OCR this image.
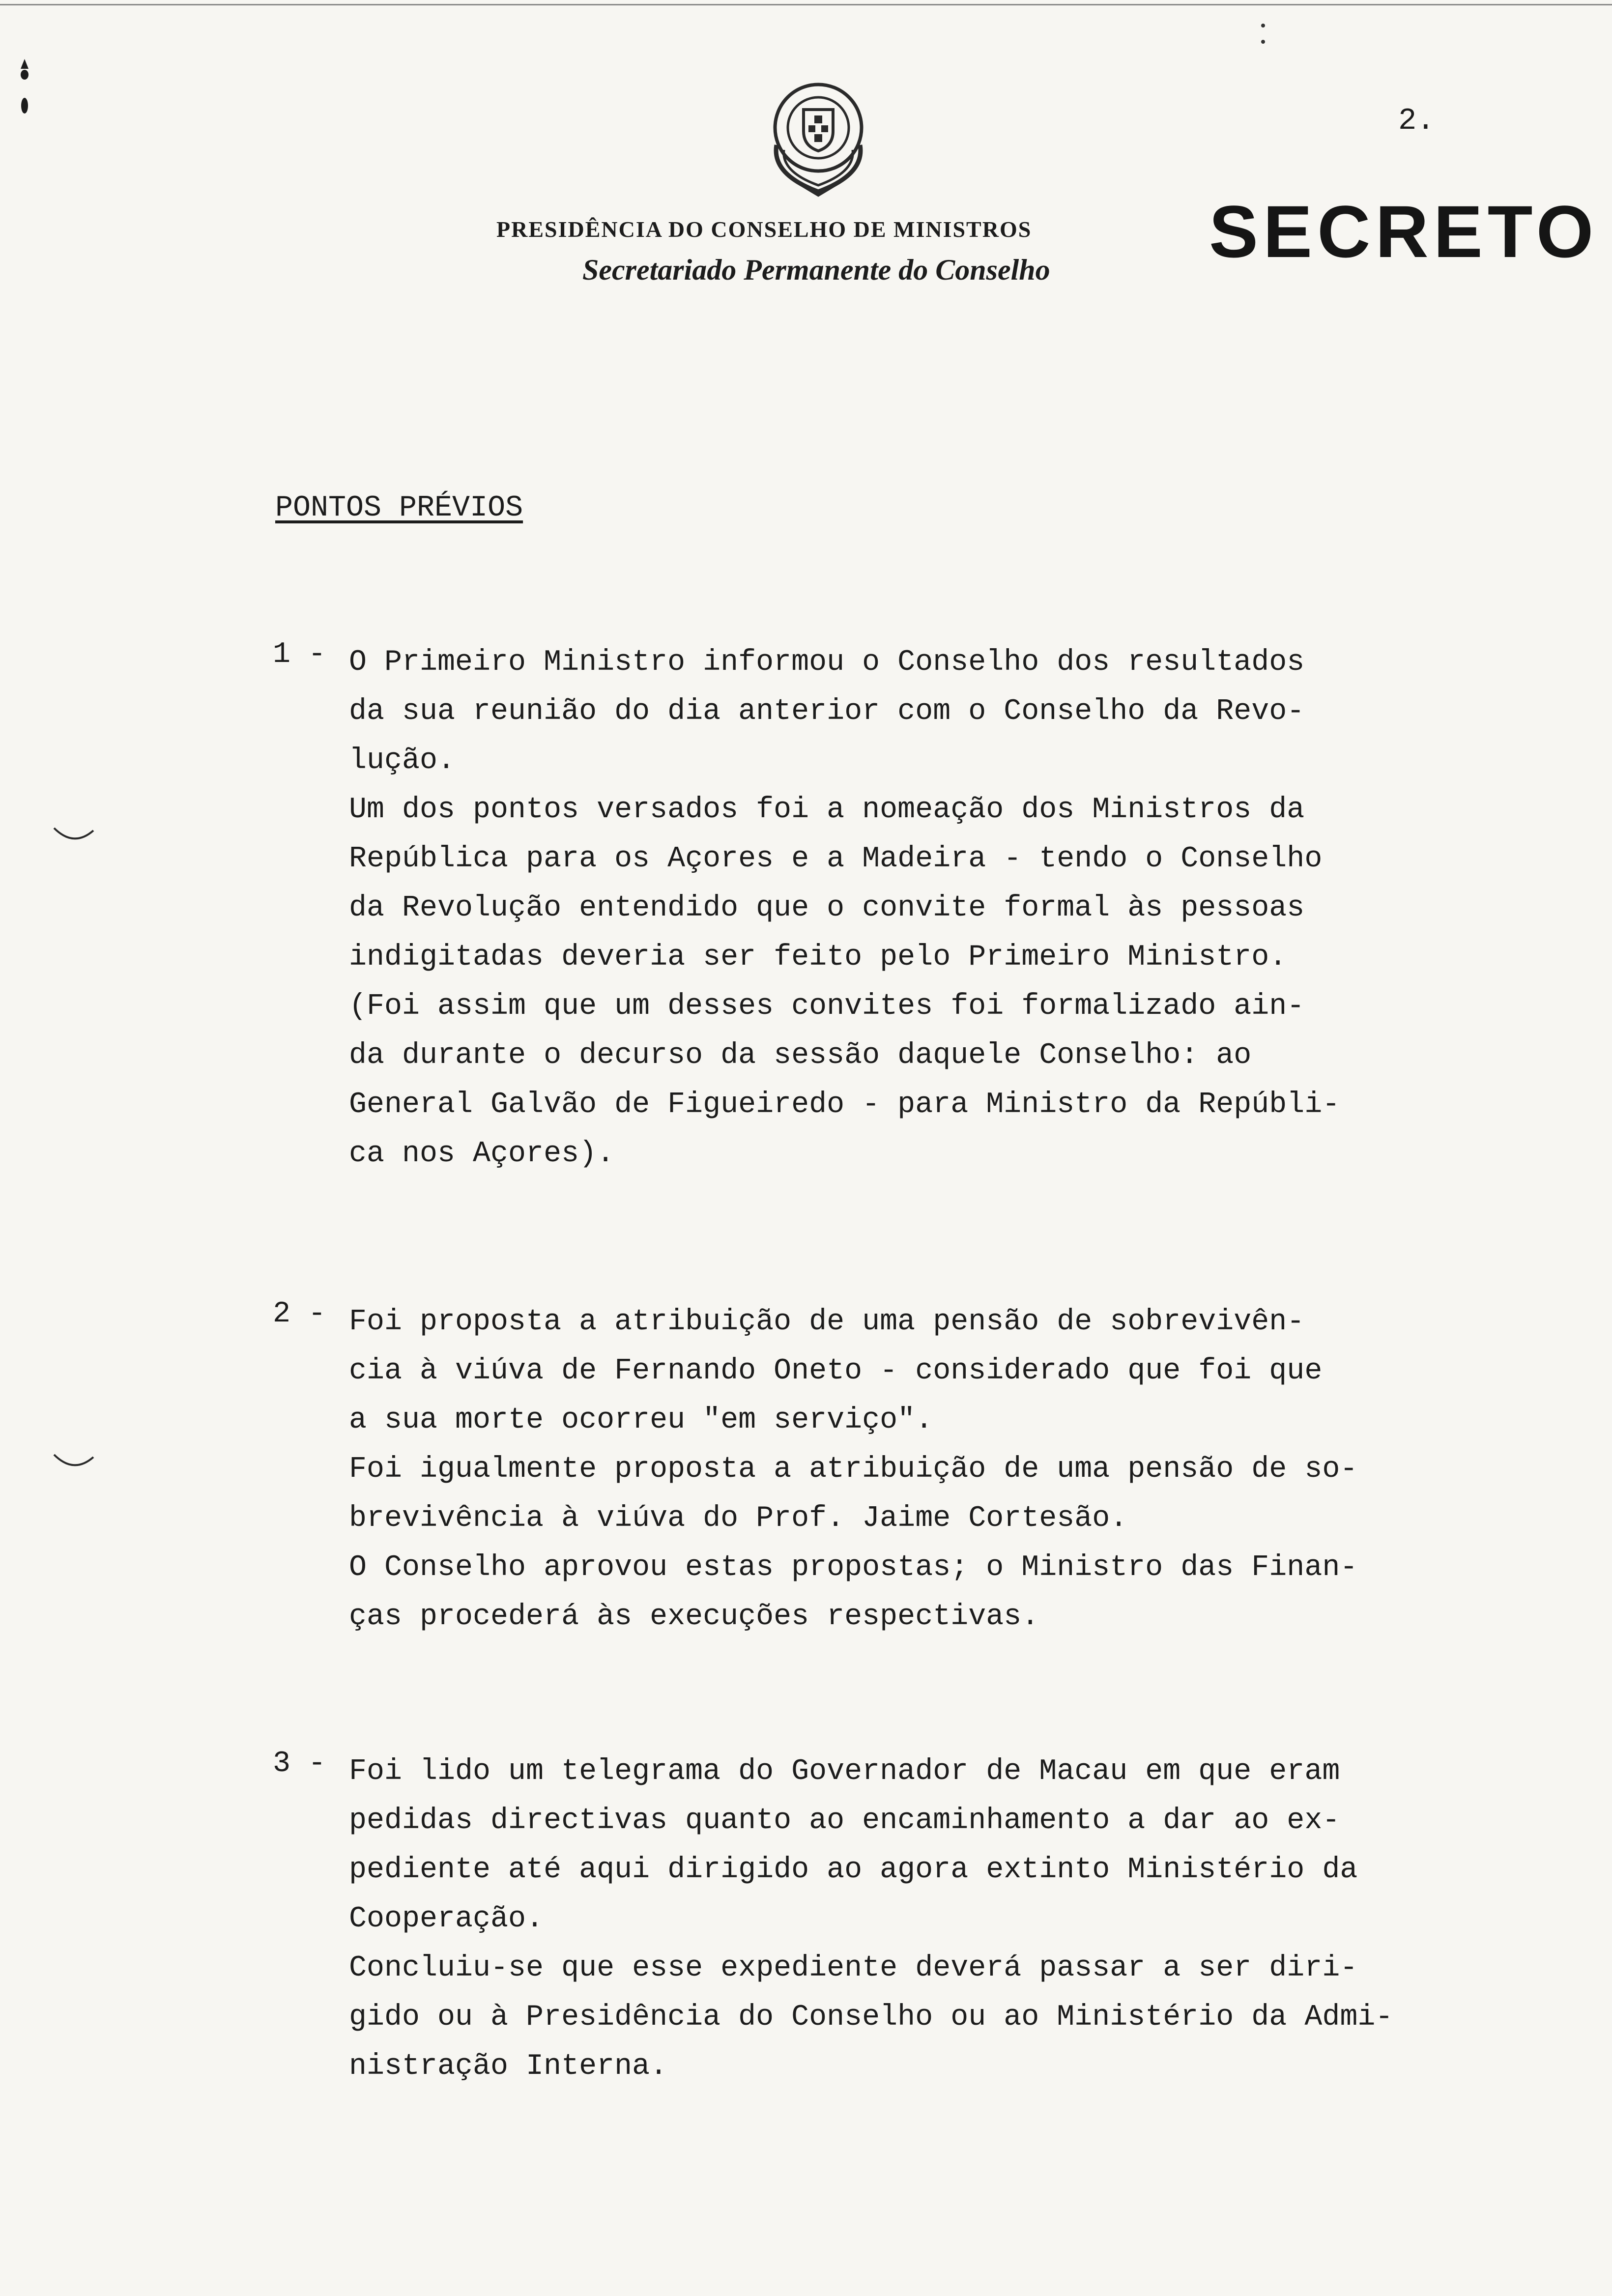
2.
PRESIDÊNCIA DO CONSELHO DE MINISTROS
Secretariado Permanente do Conselho SECRETO
PONTOS PRÉVIOS
1 - O Primeiro Ministro informou o Conselho dos resultados
da sua reunião do dia anterior com o Conselho da Revo-
lução.
Um dos pontos versados foi a nomeação dos Ministros da
República para os Açores e a Madeira - tendo o Conselho
da Revolução entendido que o convite formal às pessoas
indigitadas deveria ser feito pelo Primeiro Ministro.
(Foi assim que um desses convites foi formalizado ain-
da durante o decurso da sessão daquele Conselho: ao
General Galvão de Figueiredo - para Ministro da Repúbli-
ca nos Açores).
2 - Foi proposta a atribuição de uma pensão de sobrevivên-
cia à viúva de Fernando Oneto - considerado que foi que
a sua morte ocorreu "em serviço".
Foi igualmente proposta a atribuição de uma pensão de so-
brevivência à viúva do Prof. Jaime Cortesão.
O Conselho aprovou estas propostas; o Ministro das Finan-
ças procederá às execuções respectivas.
3 - Foi lido um telegrama do Governador de Macau em que eram
pedidas directivas quanto ao encaminhamento a dar ao ex-
pediente até aqui dirigido ao agora extinto Ministério da
Cooperação.
Concluiu-se que esse expediente deverá passar a ser diri-
gido ou à Presidência do Conselho ou ao Ministério da Admi-
nistração Interna.
